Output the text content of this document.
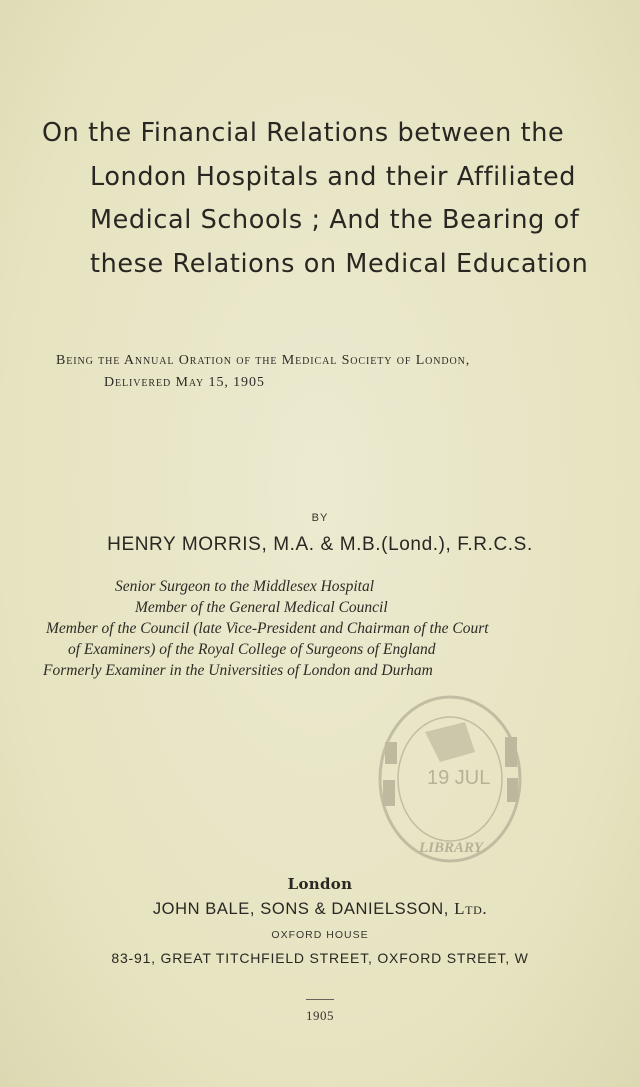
On the Financial Relations between the
London Hospitals and their Affiliated
Medical Schools ; And the Bearing of
these Relations on Medical Education
Being the Annual Oration of the Medical Society of London,
Delivered May 15, 1905
BY
HENRY MORRIS, M.A. & M.B.(Lond.), F.R.C.S.
Senior Surgeon to the Middlesex Hospital
Member of the General Medical Council
Member of the Council (late Vice-President and Chairman of the Court
of Examiners) of the Royal College of Surgeons of England
Formerly Examiner in the Universities of London and Durham
19 JUL
LIBRARY
London
JOHN BALE, SONS & DANIELSSON, Ltd.
OXFORD HOUSE
83-91, GREAT TITCHFIELD STREET, OXFORD STREET, W
1905
